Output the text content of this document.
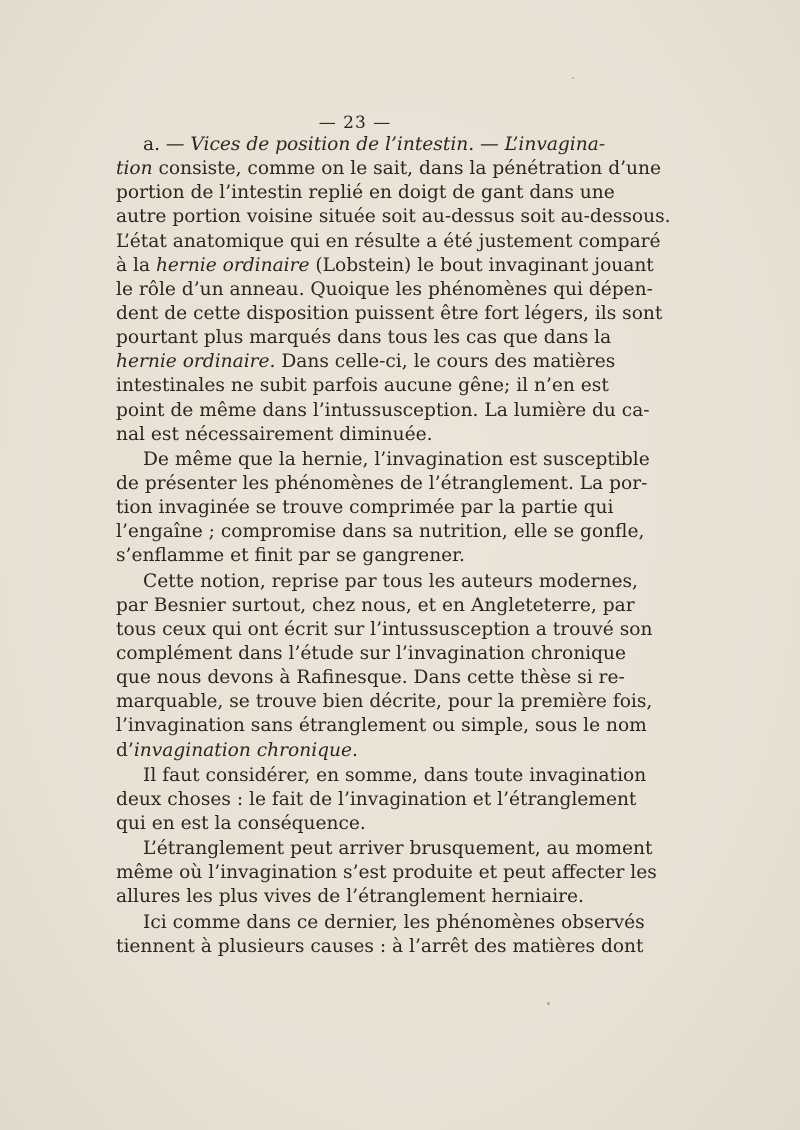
— 23 —
a. — Vices de position de l’intestin. — L’invagina-
tion consiste, comme on le sait, dans la pénétration d’une
portion de l’intestin replié en doigt de gant dans une
autre portion voisine située soit au-dessus soit au-dessous.
L’état anatomique qui en résulte a été justement comparé
à la hernie ordinaire (Lobstein) le bout invaginant jouant
le rôle d’un anneau. Quoique les phénomènes qui dépen-
dent de cette disposition puissent être fort légers, ils sont
pourtant plus marqués dans tous les cas que dans la
hernie ordinaire. Dans celle-ci, le cours des matières
intestinales ne subit parfois aucune gêne; il n’en est
point de même dans l’intussusception. La lumière du ca-
nal est nécessairement diminuée.
De même que la hernie, l’invagination est susceptible
de présenter les phénomènes de l’étranglement. La por-
tion invaginée se trouve comprimée par la partie qui
l’engaîne ; compromise dans sa nutrition, elle se gonfle,
s’enflamme et finit par se gangrener.
Cette notion, reprise par tous les auteurs modernes,
par Besnier surtout, chez nous, et en Angleteterre, par
tous ceux qui ont écrit sur l’intussusception a trouvé son
complément dans l’étude sur l’invagination chronique
que nous devons à Rafinesque. Dans cette thèse si re-
marquable, se trouve bien décrite, pour la première fois,
l’invagination sans étranglement ou simple, sous le nom
d’invagination chronique.
Il faut considérer, en somme, dans toute invagination
deux choses : le fait de l’invagination et l’étranglement
qui en est la conséquence.
L’étranglement peut arriver brusquement, au moment
même où l’invagination s’est produite et peut affecter les
allures les plus vives de l’étranglement herniaire.
Ici comme dans ce dernier, les phénomènes observés
tiennent à plusieurs causes : à l’arrêt des matières dont
